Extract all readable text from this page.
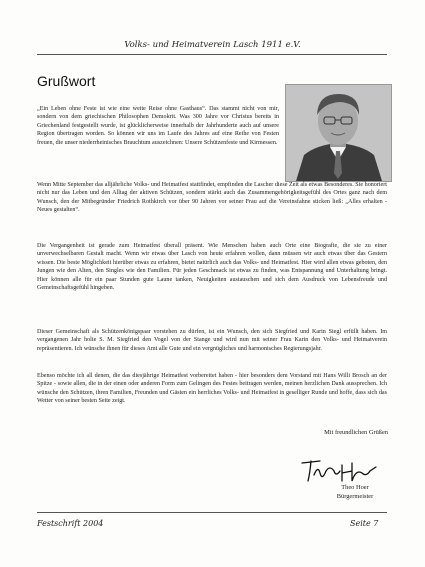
Volks- und Heimatverein Lasch 1911 e.V.
Grußwort

„Ein Leben ohne Feste ist wie eine weite Reise ohne Gasthaus“. Das stammt nicht von mir, sondern von dem griechischen Philosophen Demokrit. Was 300 Jahre vor Christus bereits in Griechenland festgestellt wurde, ist glücklicherweise innerhalb der Jahrhunderte auch auf unsere Region übertragen worden. So können wir uns im Laufe des Jahres auf eine Reihe von Festen freuen, die unser niederrheinisches Brauchtum auszeichnen: Unsere Schützenfeste und Kirmessen.

Wenn Mitte September das alljährliche Volks- und Heimatfest stattfindet, empfinden die Lascher diese Zeit als etwas Besonderes. Sie honoriert nicht nur das Leben und den Alltag der aktiven Schützen, sondern stärkt auch das Zusammengehörigkeitsgefühl des Ortes ganz nach dem Wunsch, den der Mitbegründer Friedrich Rothkirch vor über 90 Jahren vor seiner Frau auf die Vereinsfahne sticken ließ: „Alles erhalten - Neues gestalten“.

Die Vergangenheit ist gerade zum Heimatfest überall präsent. Wie Menschen haben auch Orte eine Biografie, die sie zu einer unverwechselbaren Gestalt macht. Wenn wir etwas über Lasch von heute erfahren wollen, dann müssen wir auch etwas über das Gestern wissen. Die beste Möglichkeit hierüber etwas zu erfahren, bietet natürlich auch das Volks- und Heimatfest. Hier wird allen etwas geboten, den Jungen wie den Alten, den Singles wie den Familien. Für jeden Geschmack ist etwas zu finden, was Entspannung und Unterhaltung bringt. Hier können alle für ein paar Stunden gute Laune tanken, Neuigkeiten austauschen und sich dem Ausdruck von Lebensfreude und Gemeinschaftsgefühl hingeben.

Dieser Gemeinschaft als Schützenkönigspaar vorstehen zu dürfen, ist ein Wunsch, den sich Siegfried und Karin Siegl erfüllt haben. Im vergangenen Jahr holte S. M. Siegfried den Vogel von der Stange und wird nun mit seiner Frau Karin den Volks- und Heimatverein repräsentieren. Ich wünsche ihnen für dieses Amt alle Gute und ein vergnügliches und harmonisches Regierungsjahr.

Ebenso möchte ich all denen, die das diesjährige Heimatfest vorbereitet haben - hier besonders dem Vorstand mit Hans Willi Brosch an der Spitze - sowie allen, die in der einen oder anderen Form zum Gelingen des Festes beitragen werden, meinen herzlichen Dank aussprechen. Ich wünsche den Schützen, ihren Familien, Freunden und Gästen ein herrliches Volks- und Heimatfest in geselliger Runde und hoffe, dass sich das Wetter von seiner besten Seite zeigt.

Mit freundlichen Grüßen
Theo Hoer
Bürgermeister
Festschrift 2004	Seite 7
